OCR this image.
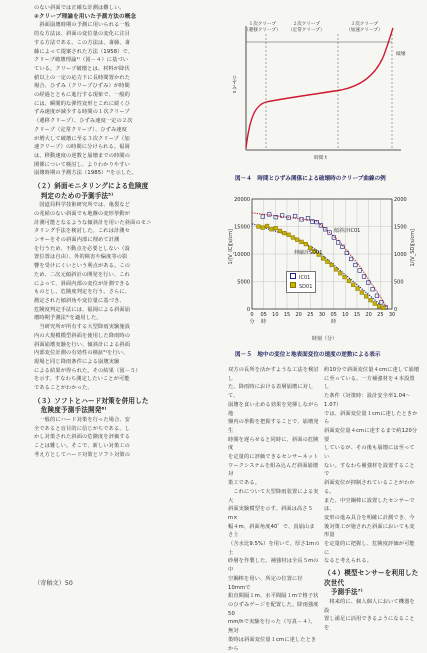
のない斜面では正確な計測は難しい。

②クリープ理論を用いた予測方法の概念

　斜面崩壊時期の予測に用いられる一般
的な方法は、斜面の変位量の変化に注目
する方法である。この方法は、斎藤、斎
藤によって提案された方法（1958）で、
クリープ破壊理論¹⁾（図－４）に基づい
ている。クリープ破壊とは、材料が降伏
値以上の一定の応力下に長時間置かれた
場合、ひずみ（クリープひずみ）が時間
の経過とともに進行する現象で、一般的
には、瞬間的な弾性変形とこれに続くひ
ずみ速度が減少する時間の１次クリープ
（遷移クリープ）、ひずみ速度一定の２次
クリープ（定常クリープ）、ひずみ速度
が増大して破壊に至る３次クリープ（加
速クリープ）の時間に分けられる。福岡
は、移動速度の逆数と崩壊までの時間の
関係について検討し、よりわかりやすい
崩壊時期の予測方法（1985）⁴⁾を示した。

（２）斜面モニタリングによる危険度
　判定のための予測手法⁵⁾

　国道局科学技術研究所では、亀裂など
の兆候のない斜面でも地盤の変形挙動が
計測可能となるような傾斜計を用いた斜面のモニ
タリング手法を検討した。これは計測セ
ンサーをその斜面内部に埋めて計測
を行うため、不動点を必要としない（設
置位置は自由）、外的障害や偏度等の影
響を受けにくいという利点がある。この
ため、二次元傾斜計の開発を行い、これ
によって、斜面内部の変位が計測できる
ものとし、危険度判定を行う。さらに、
測定された傾斜角や変位量に基づき、
危険度判定手法には、福岡による斜面崩
壊時期予測法⁴⁾を適用した。

　当研究所が所有する大型降雨実験施設
内の大規模模型斜面を使用した降雨時の
斜面崩壊実験を行い、傾斜計による斜面
内部変位計測の有効性の検証⁶⁾を行い、
現場と同じ降雨条件による崩壊実験
による結果が得られた。その結果（図－５）
を示す。すなわち測定したいことが可能
であることがわかった。

（３）ソフトとハード対策を併用した
　危険度予測手法開発⁶⁾

　一般的にハード対策を行った場合、安
全であると盲目的に信じがちである。し
かし対策された斜面の危険度を評価する
ことは難しい。そこで、新しい対策工の
考え方としてハード対策とソフト対策の

１次クリープ
（遷移クリープ）
２次クリープ
（定常クリープ）
３次クリープ
（加速クリープ）
破壊
ひずみ ε
時間 t
図－４　時間とひずみ関係による破壊時のクリープ曲線の例
0	0
5000	500
10000	1000
15000	1500
20000	2000
0
分
05
時
10 15 20 25 30 05
時
10 15 20 25 30
1/(V_IC)[s/cm]	1/(V_SD)[s/cm]
時刻（分）
傾斜計IC01
伸縮計SD01
IC01
SD01
図－５　地中の変位と地表面変位の速度の逆数による表示

双方の長所を活かすような工法を検討し
た。降雨時における表層崩壊に対して、
崩壊を食い止める効果を発揮しながら地
盤内の挙動を把握することで、崩壊発生
時間を遅らせると同時に、斜面の危険度
を定量的に評価できるセンサーネット
ワークシステムを組み込んだ斜面崩壊対
策工である。
　これについて大型降雨装置による実大
斜面実験模型を示す。斜面は高さ５m×
幅４m、斜面角度40゜で、真崩山まさ土
（含水比9.5%）を用いて、厚さ1mの土
砂層を作製した。補強材は全長５mの中
空鋼棒を用い、所定の位置に径10mmで
鉛直間隔１m、水平間隔１mで格子状
のひずみゲージを配置した。降雨強度50
mm/hで実験を行った（写真－４）。無対
策時は斜面変位量１cmに達したときから

約10分で斜面変位量４cmに達して崩壊
に至っている。一方補強材を４本設置し
た条件（対策時：設計安全率1.04～1.07）
では、斜面変位量１cmに達したときから
斜面変位量４cmに達するまで約120分要
しているが、その後も崩壊には至ってい
ない。すなわち補強材を設置することで
斜面変位が抑制されていることがわかる。
また、中空鋼棒に設置したセンサーでは、
変形の進み具合を明確に計測でき、今
後対策工が施された斜面においても変形量
を定量的に把握し、危険度評価が可能に
なると考えられる。

（４）模型センサーを利用した次世代
　予測手法⁷⁾

　将来的に、個人個人において機器を設
置し満足に活用できるようになることを

（寄稿文）50
